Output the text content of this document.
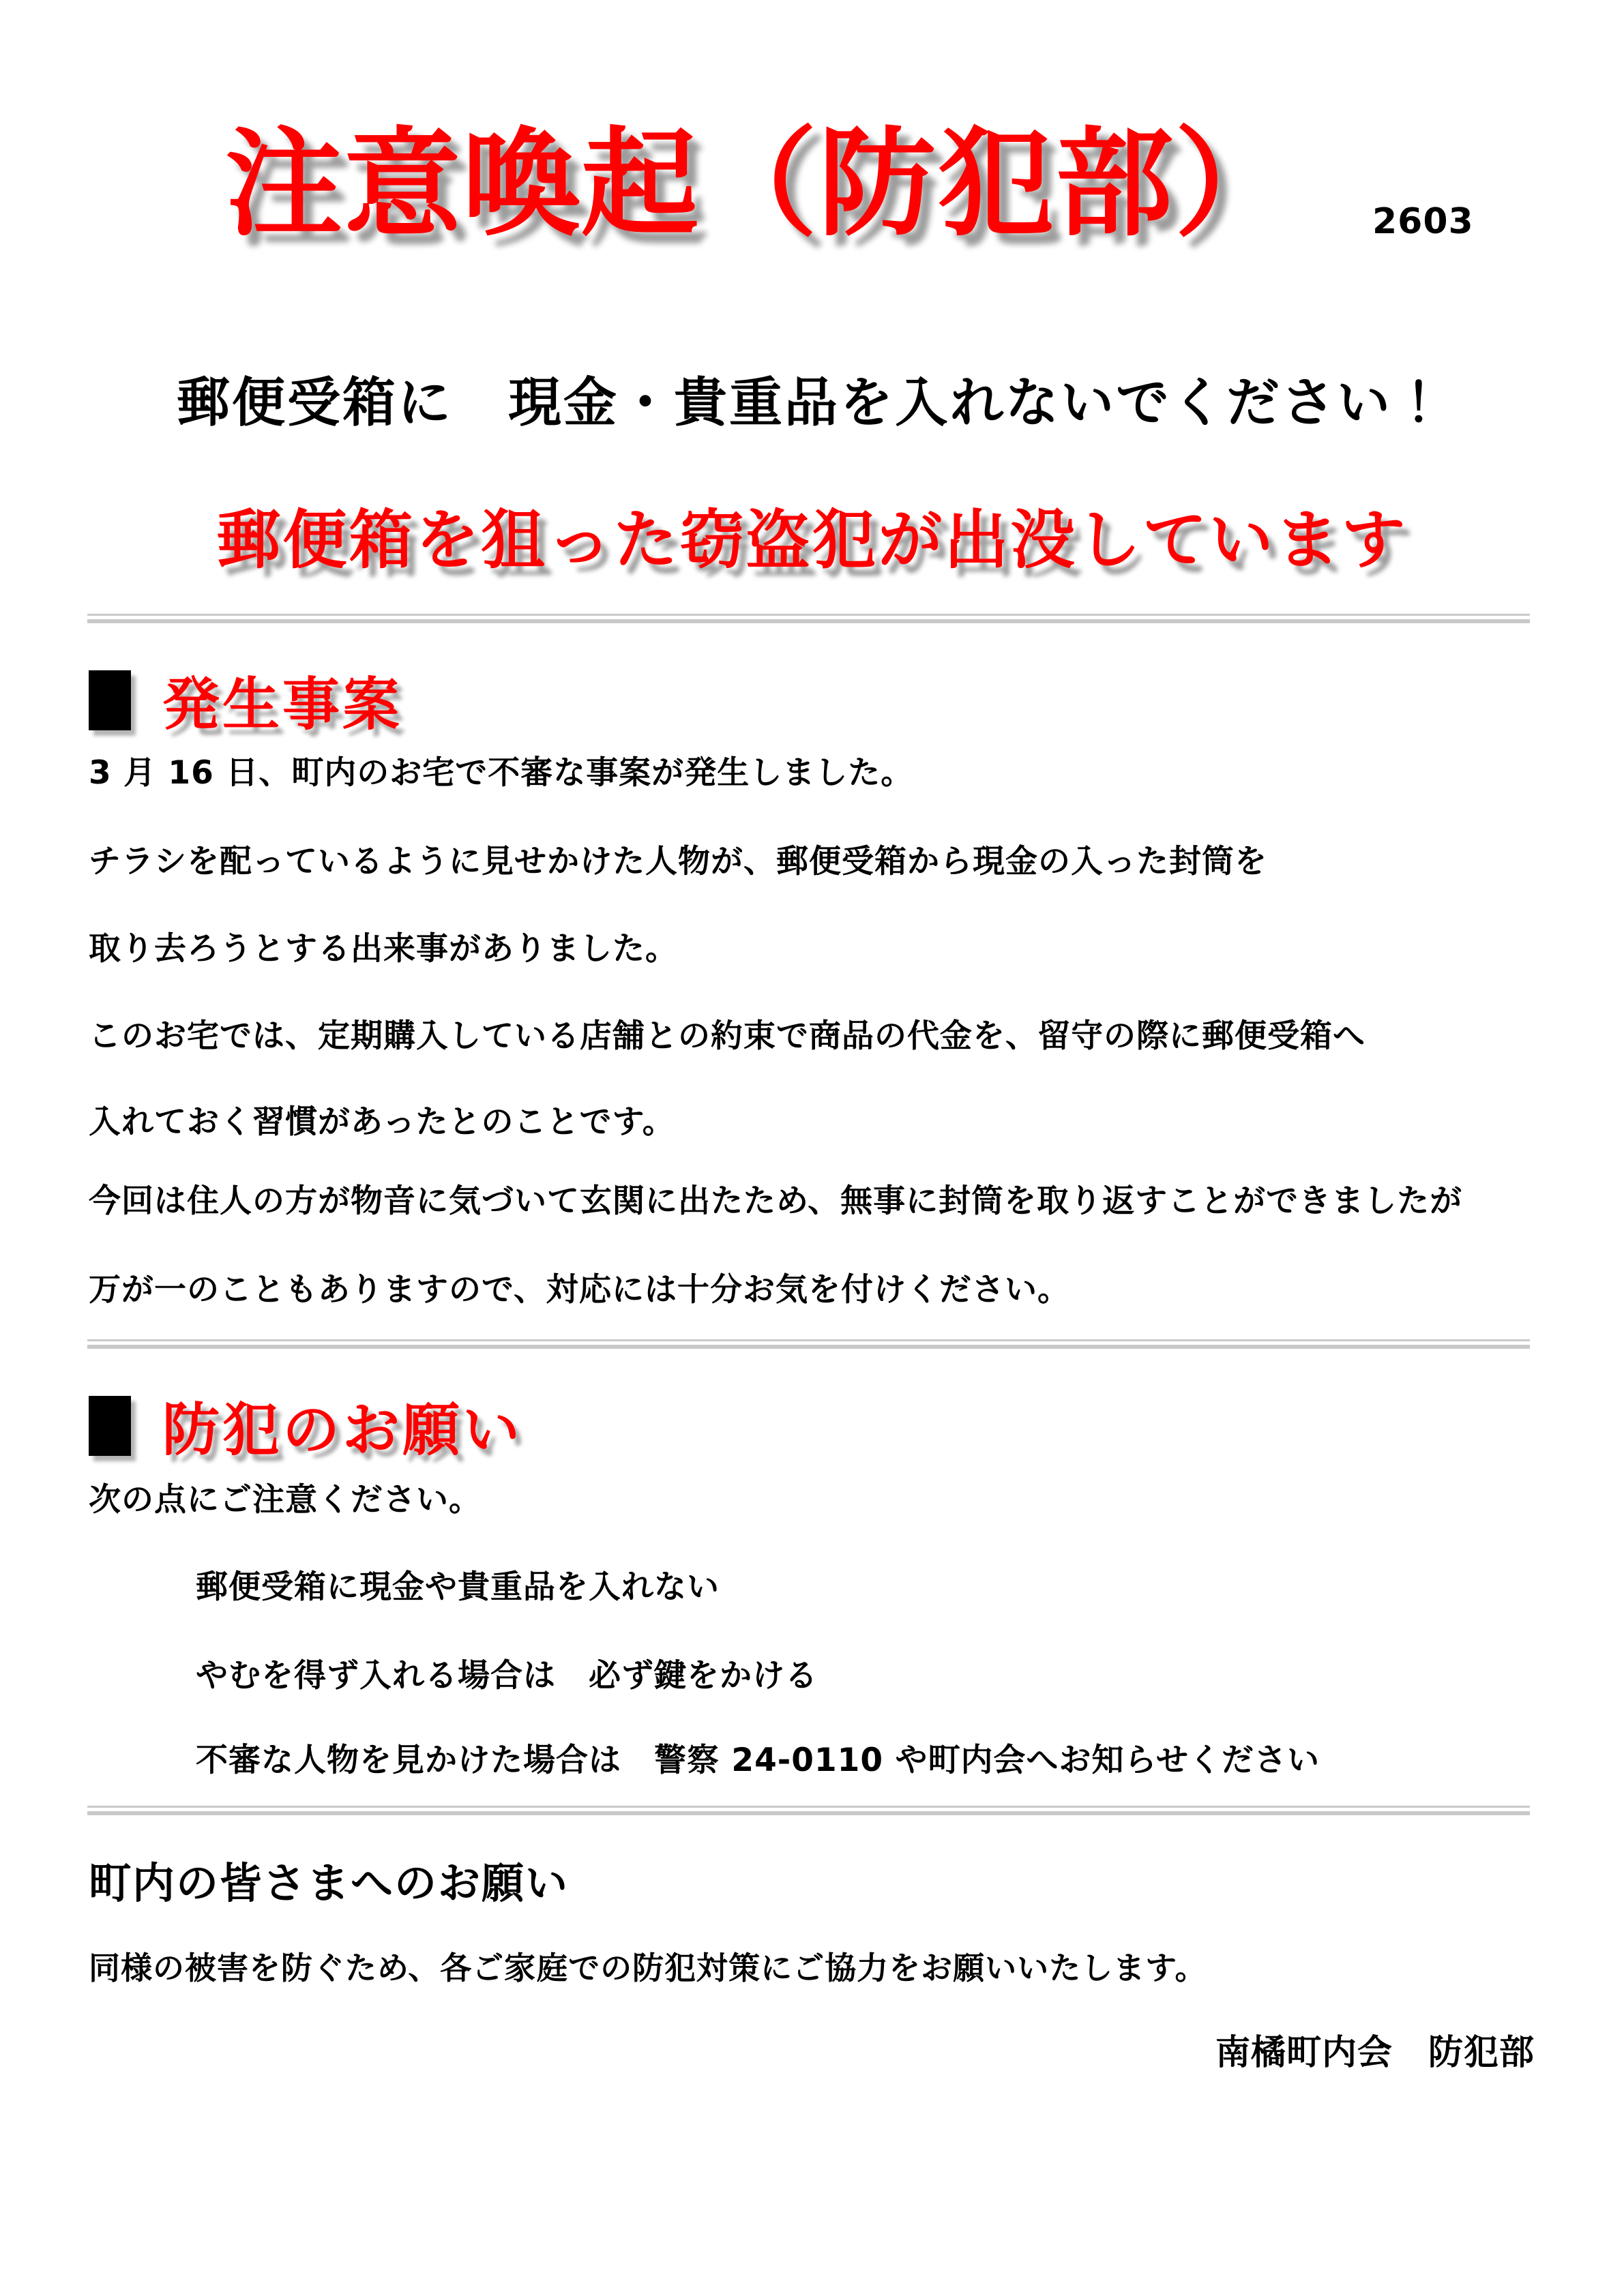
注意喚起（防犯部） 2603
郵便受箱に　現金・貴重品を入れないでください！
郵便箱を狙った窃盗犯が出没しています
発生事案
3 月 16 日、町内のお宅で不審な事案が発生しました。
チラシを配っているように見せかけた人物が、郵便受箱から現金の入った封筒を
取り去ろうとする出来事がありました。
このお宅では、定期購入している店舗との約束で商品の代金を、留守の際に郵便受箱へ
入れておく習慣があったとのことです。
今回は住人の方が物音に気づいて玄関に出たため、無事に封筒を取り返すことができましたが
万が一のこともありますので、対応には十分お気を付けください。
防犯のお願い
次の点にご注意ください。
郵便受箱に現金や貴重品を入れない
やむを得ず入れる場合は　必ず鍵をかける
不審な人物を見かけた場合は　警察 24-0110 や町内会へお知らせください
町内の皆さまへのお願い
同様の被害を防ぐため、各ご家庭での防犯対策にご協力をお願いいたします。
南橘町内会　防犯部
